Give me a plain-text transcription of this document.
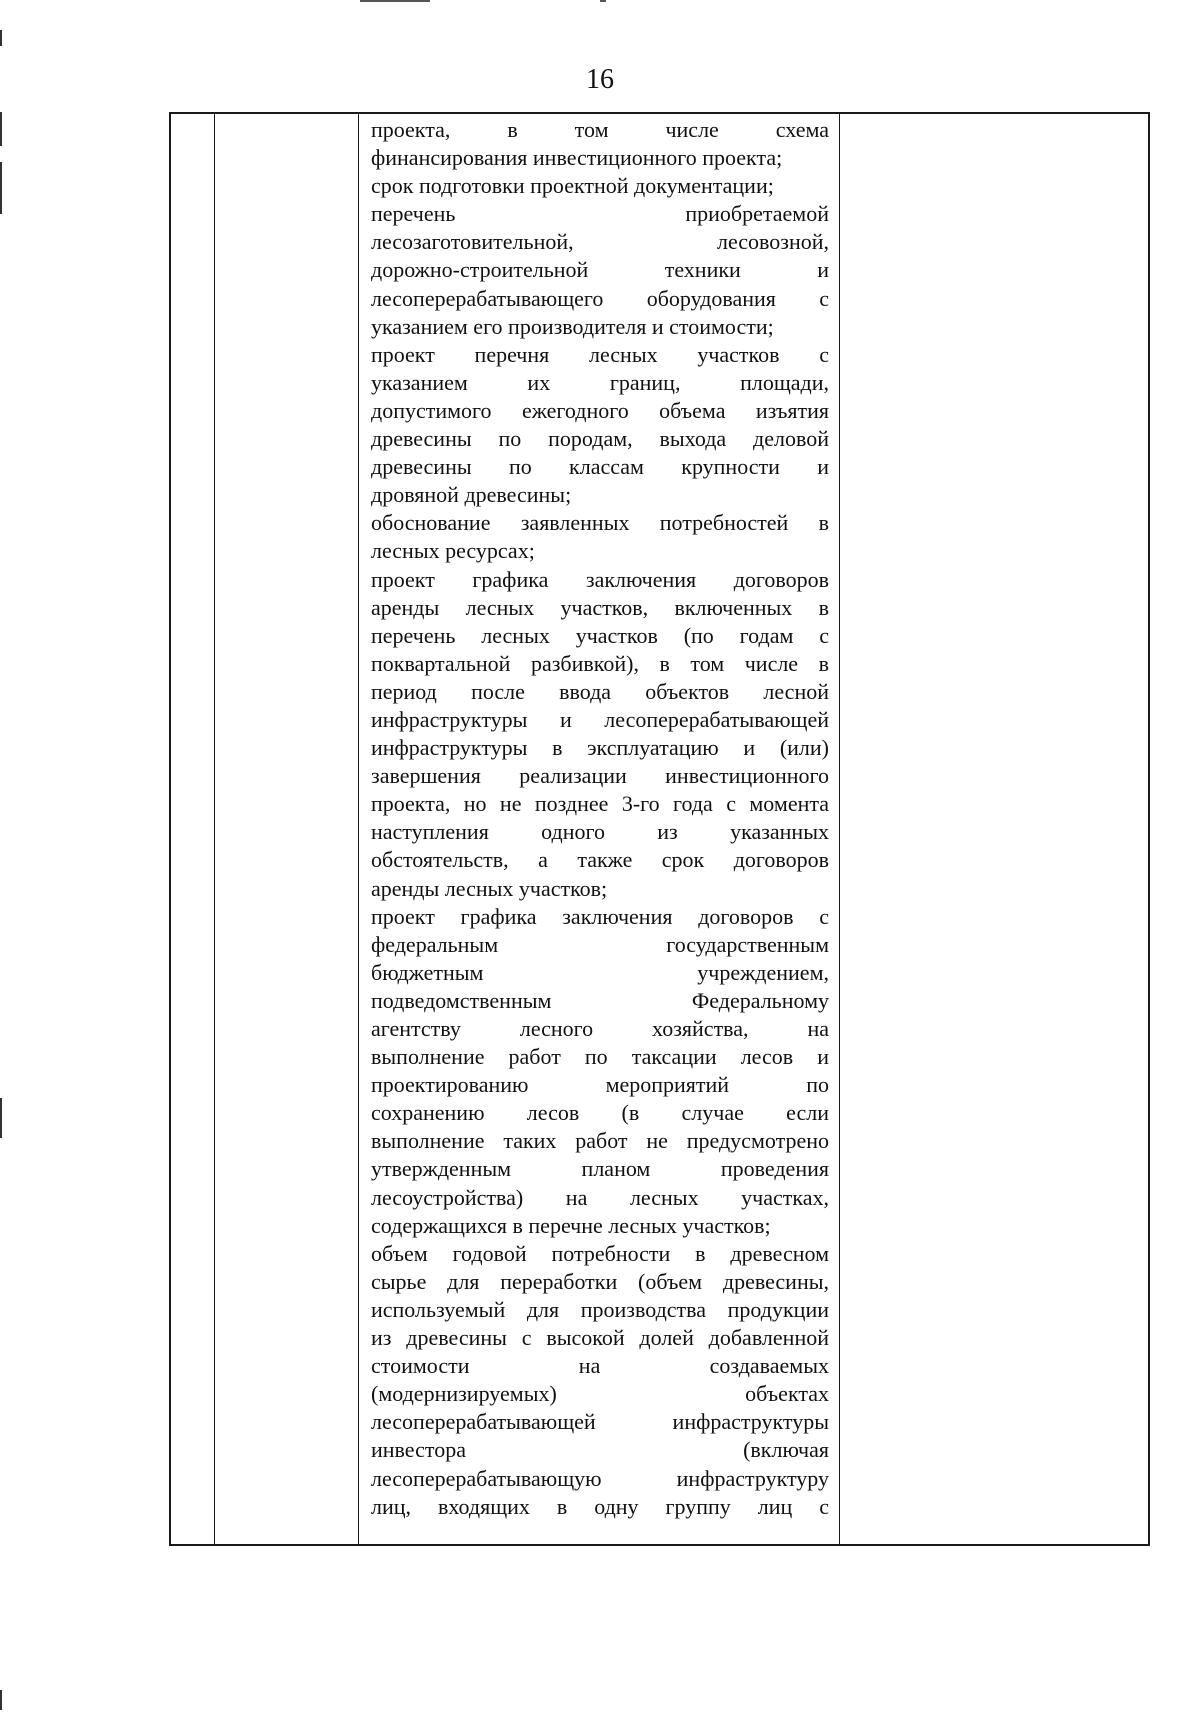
16
проекта, в том числе схема
финансирования инвестиционного проекта;
срок подготовки проектной документации;
перечень приобретаемой
лесозаготовительной, лесовозной,
дорожно-строительной техники и
лесоперерабатывающего оборудования с
указанием его производителя и стоимости;
проект перечня лесных участков с
указанием их границ, площади,
допустимого ежегодного объема изъятия
древесины по породам, выхода деловой
древесины по классам крупности и
дровяной древесины;
обоснование заявленных потребностей в
лесных ресурсах;
проект графика заключения договоров
аренды лесных участков, включенных в
перечень лесных участков (по годам с
поквартальной разбивкой), в том числе в
период после ввода объектов лесной
инфраструктуры и лесоперерабатывающей
инфраструктуры в эксплуатацию и (или)
завершения реализации инвестиционного
проекта, но не позднее 3-го года с момента
наступления одного из указанных
обстоятельств, а также срок договоров
аренды лесных участков;
проект графика заключения договоров с
федеральным государственным
бюджетным учреждением,
подведомственным Федеральному
агентству лесного хозяйства, на
выполнение работ по таксации лесов и
проектированию мероприятий по
сохранению лесов (в случае если
выполнение таких работ не предусмотрено
утвержденным планом проведения
лесоустройства) на лесных участках,
содержащихся в перечне лесных участков;
объем годовой потребности в древесном
сырье для переработки (объем древесины,
используемый для производства продукции
из древесины с высокой долей добавленной
стоимости на создаваемых
(модернизируемых) объектах
лесоперерабатывающей инфраструктуры
инвестора (включая
лесоперерабатывающую инфраструктуру
лиц, входящих в одну группу лиц с
